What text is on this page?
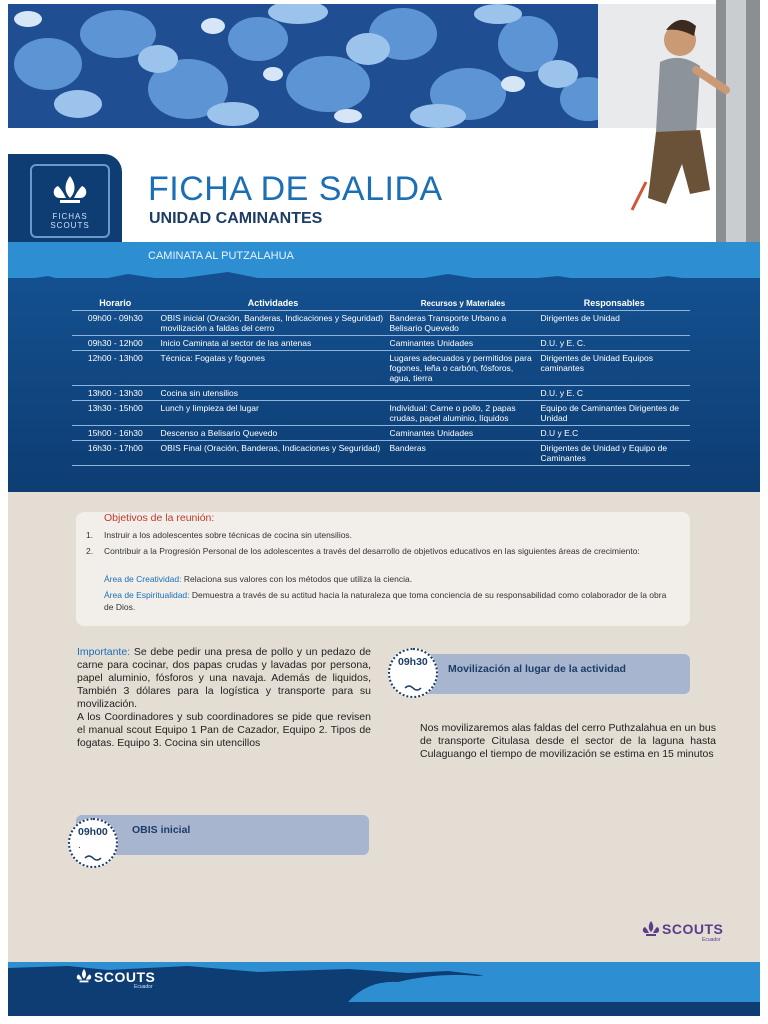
FICHAS SCOUTS
FICHA DE SALIDA
UNIDAD CAMINANTES
CAMINATA AL PUTZALAHUA
Horario	Actividades	Recursos y Materiales	Responsables
09h00 - 09h30	OBIS inicial (Oración, Banderas, Indicaciones y Seguridad) movilización a faldas del cerro	Banderas Transporte Urbano a Belisario Quevedo	Dirigentes de Unidad
09h30 - 12h00	Inicio Caminata al sector de las antenas	Caminantes Unidades	D.U. y E. C.
12h00 - 13h00	Técnica: Fogatas y fogones	Lugares adecuados y permitidos para fogones, leña o carbón, fósforos, agua, tierra	Dirigentes de Unidad Equipos caminantes
13h00 - 13h30	Cocina sin utensilios		D.U. y E. C
13h30 - 15h00	Lunch y limpieza del lugar	Individual: Carne o pollo, 2 papas crudas, papel aluminio, líquidos	Equipo de Caminantes Dirigentes de Unidad
15h00 - 16h30	Descenso a Belisario Quevedo	Caminantes Unidades	D.U y E.C
16h30 - 17h00	OBIS Final (Oración, Banderas, Indicaciones y Seguridad)	Banderas	Dirigentes de Unidad y Equipo de Caminantes
Objetivos de la reunión:
1. Instruir a los adolescentes sobre técnicas de cocina sin utensilios.
2. Contribuir a la Progresión Personal de los adolescentes a través del desarrollo de objetivos educativos en las siguientes áreas de crecimiento:
Área de Creatividad: Relaciona sus valores con los métodos que utiliza la ciencia.
Área de Espiritualidad: Demuestra a través de su actitud hacia la naturaleza que toma conciencia de su responsabilidad como colaborador de la obra de Dios.
Importante: Se debe pedir una presa de pollo y un pedazo de carne para cocinar, dos papas crudas y lavadas por persona, papel aluminio, fósforos y una navaja. Además de liquidos, También 3 dólares para la logística y transporte para su movilización.
A los Coordinadores y sub coordinadores se pide que revisen el manual scout Equipo 1 Pan de Cazador, Equipo 2. Tipos de fogatas. Equipo 3. Cocina sin utencillos
Movilización al lugar de la actividad
09h30
Nos movilizaremos alas faldas del cerro Puthzalahua en un bus de transporte Citulasa desde el sector de la laguna hasta Culaguango el tiempo de movilización se estima en 15 minutos
OBIS inicial
09h00
.
SCOUTS
Ecuador
SCOUTS
Ecuador
